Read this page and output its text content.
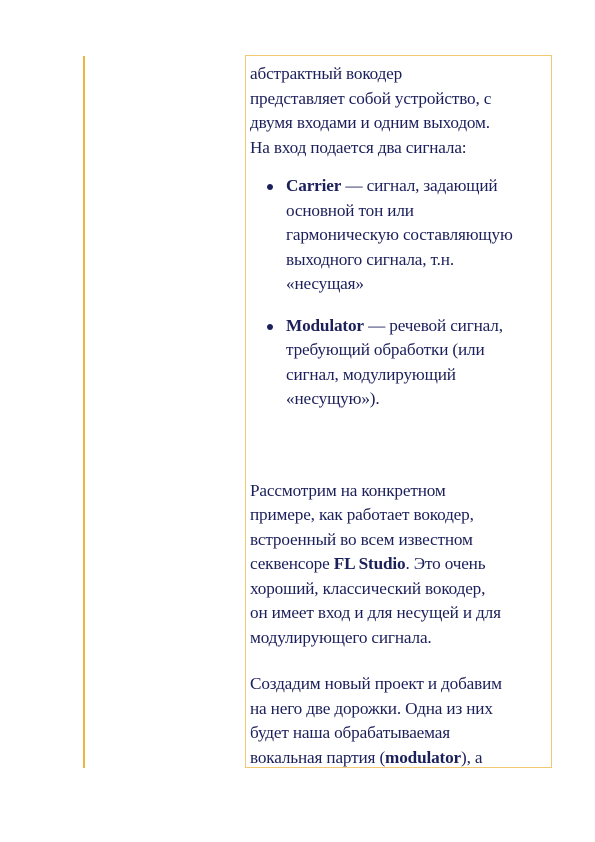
абстрактный вокодер
представляет собой устройство, с
двумя входами и одним выходом.
На вход подается два сигнала:

Carrier — сигнал, задающий
основной тон или
гармоническую составляющую
выходного сигнала, т.н.
«несущая»
Modulator — речевой сигнал,
требующий обработки (или
сигнал, модулирующий
«несущую»).

Рассмотрим на конкретном
примере, как работает вокодер,
встроенный во всем известном
секвенсоре FL Studio. Это очень
хороший, классический вокодер,
он имеет вход и для несущей и для
модулирующего сигнала.

Создадим новый проект и добавим
на него две дорожки. Одна из них
будет наша обрабатываемая
вокальная партия (modulator), а
